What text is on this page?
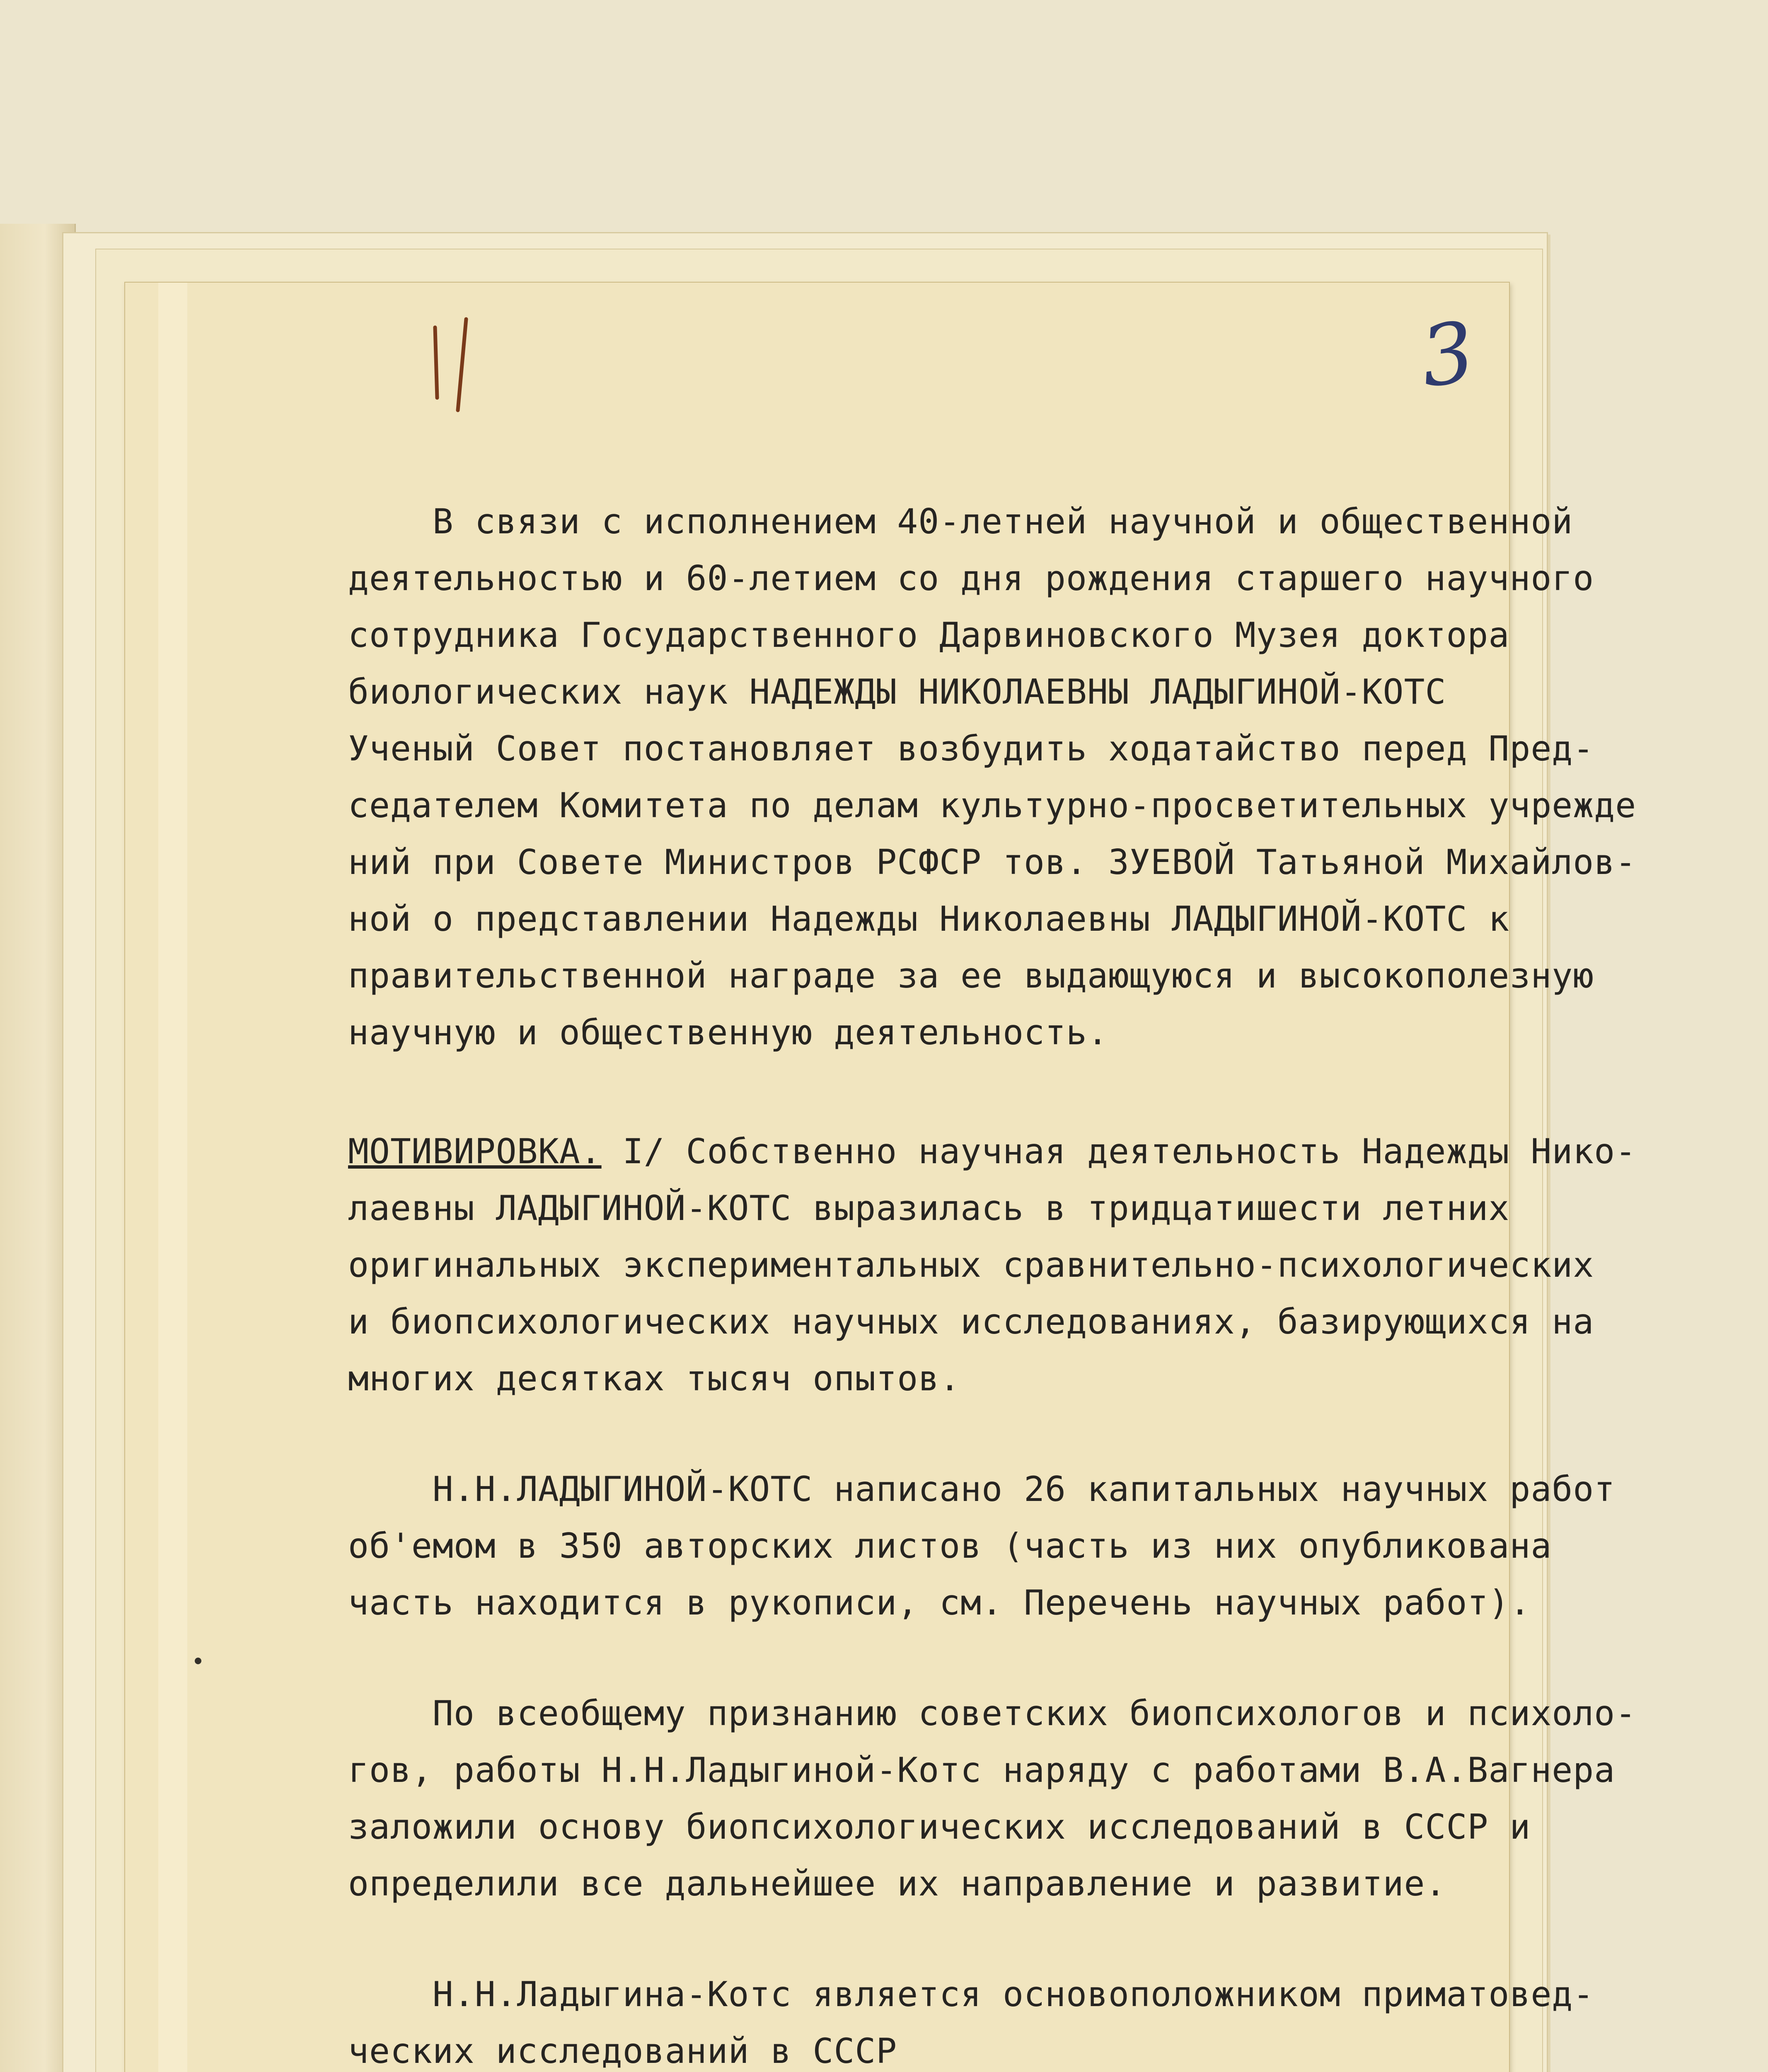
3
В связи с исполнением 40-летней научной и общественной
деятельностью и 60-летием со дня рождения старшего научного
сотрудника Государственного Дарвиновского Музея доктора
биологических наук НАДЕЖДЫ НИКОЛАЕВНЫ ЛАДЫГИНОЙ-КОТС
Ученый Совет постановляет возбудить ходатайство перед Пред-
седателем Комитета по делам культурно-просветительных учрежде
ний при Совете Министров РСФСР тов. ЗУЕВОЙ Татьяной Михайлов-
ной о представлении Надежды Николаевны ЛАДЫГИНОЙ-КОТС к
правительственной награде за ее выдающуюся и высокополезную
научную и общественную деятельность.
МОТИВИРОВКА. I/ Собственно научная деятельность Надежды Нико-
лаевны ЛАДЫГИНОЙ-КОТС выразилась в тридцатишести летних
оригинальных экспериментальных сравнительно-психологических
и биопсихологических научных исследованиях, базирующихся на
многих десятках тысяч опытов.
Н.Н.ЛАДЫГИНОЙ-КОТС написано 26 капитальных научных работ
об'емом в 350 авторских листов (часть из них опубликована
часть находится в рукописи, см. Перечень научных работ).
По всеобщему признанию советских биопсихологов и психоло-
гов, работы Н.Н.Ладыгиной-Котс наряду с работами В.А.Вагнера
заложили основу биопсихологических исследований в СССР и
определили все дальнейшее их направление и развитие.
Н.Н.Ладыгина-Котс является основоположником приматовед-
ческих исследований в СССР
